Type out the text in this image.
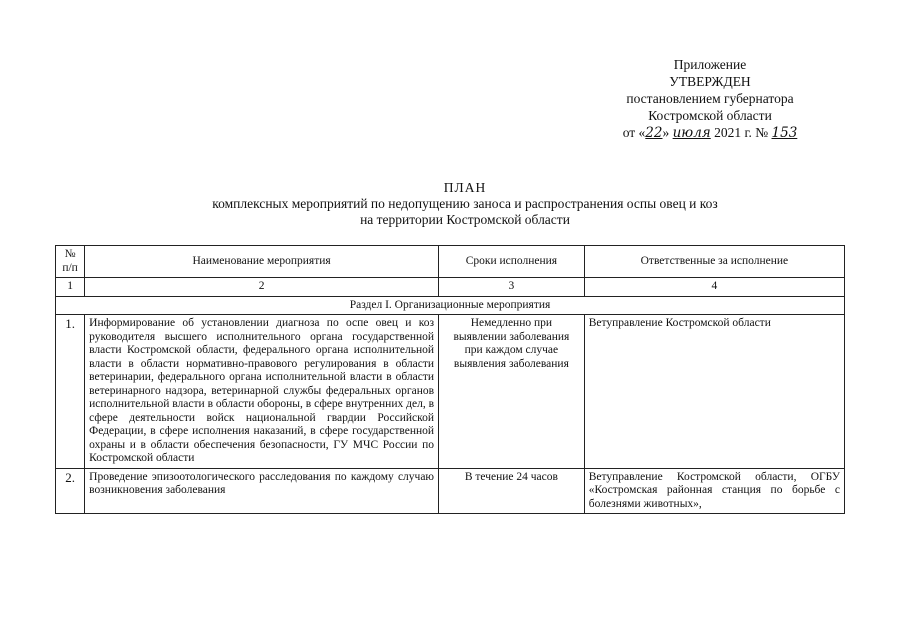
Приложение
УТВЕРЖДЕН
постановлением губернатора
Костромской области
от «22» июля 2021 г. № 153
ПЛАН
комплексных мероприятий по недопущению заноса и распространения оспы овец и коз
на территории Костромской области
№ п/п	Наименование мероприятия	Сроки исполнения	Ответственные за исполнение
1	2	3	4
Раздел I. Организационные мероприятия			
1.	Информирование об установлении диагноза по оспе овец и коз руководителя высшего исполнительного органа государственной власти Костромской области, федерального органа исполнительной власти в области нормативно-правового регулирования в области ветеринарии, федерального органа исполнительной власти в области ветеринарного надзора, ветеринарной службы федеральных органов исполнительной власти в области обороны, в сфере внутренних дел, в сфере деятельности войск национальной гвардии Российской Федерации, в сфере исполнения наказаний, в сфере государственной охраны и в области обеспечения безопасности, ГУ МЧС России по Костромской области	Немедленно при выявлении заболевания при каждом случае выявления заболевания	Ветуправление Костромской области
2.	Проведение эпизоотологического расследования по каждому случаю возникновения заболевания	В течение 24 часов	Ветуправление Костромской области, ОГБУ «Костромская районная станция по борьбе с болезнями животных»,
